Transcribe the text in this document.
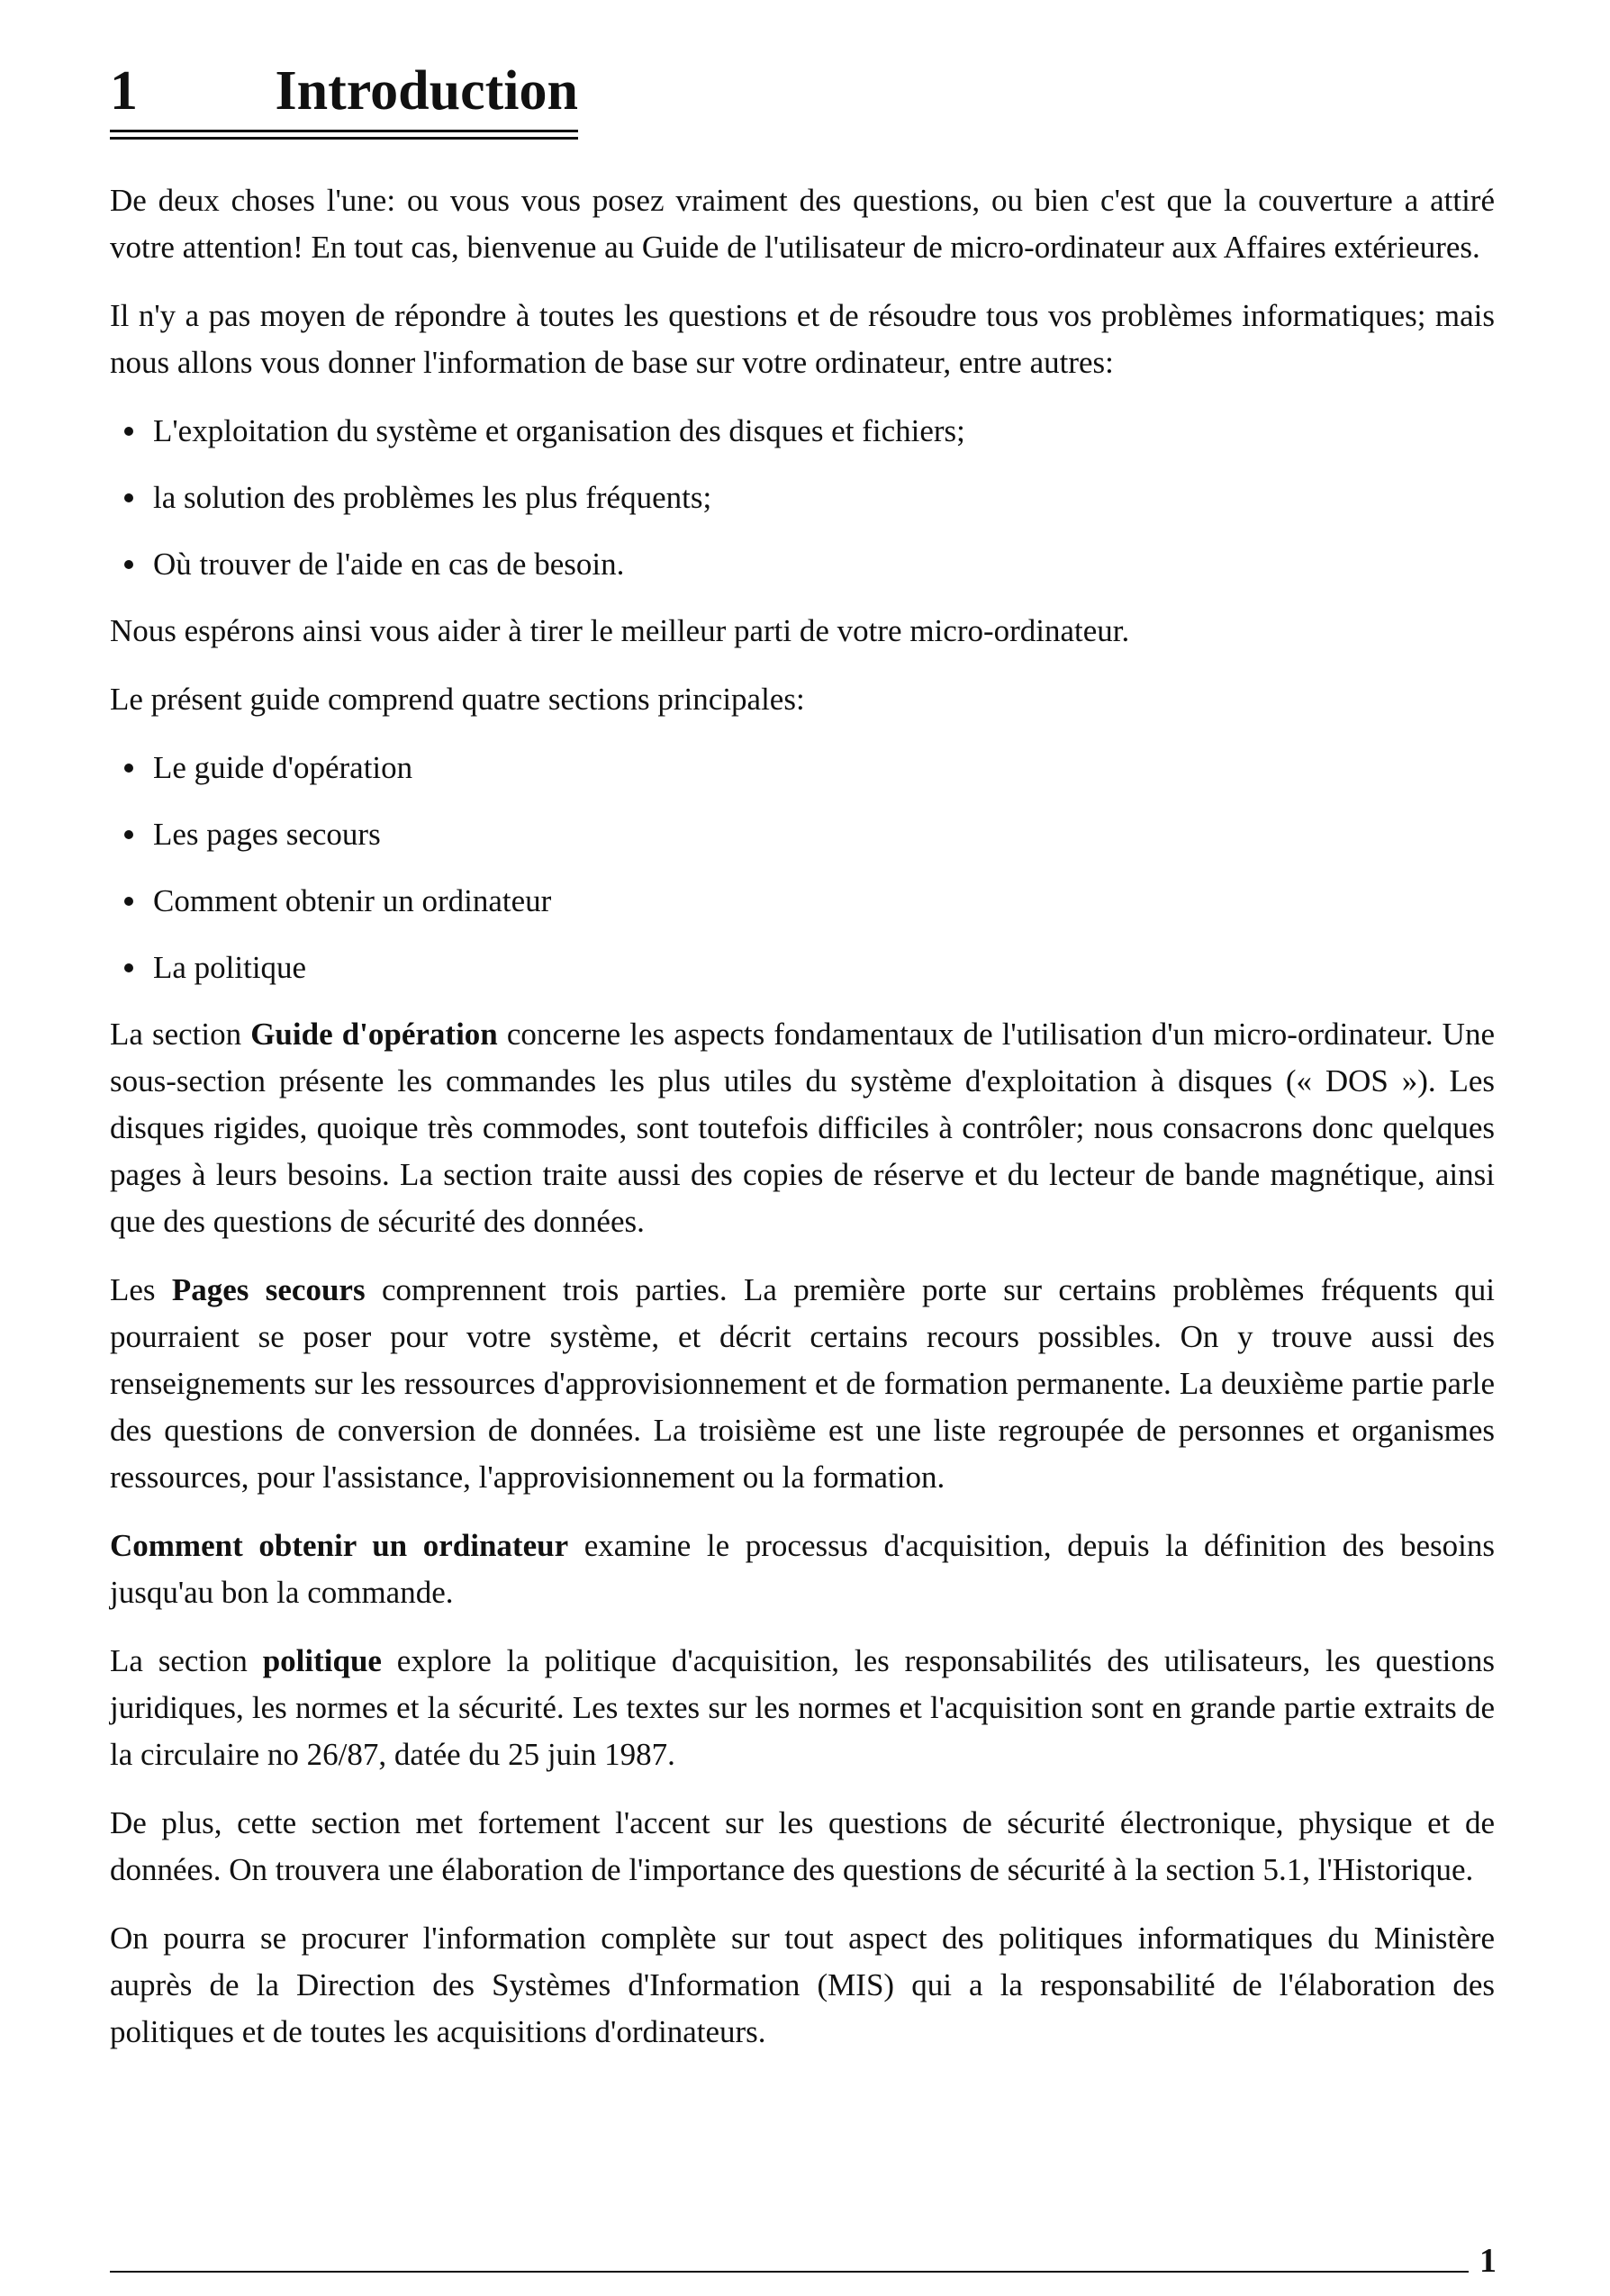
1	Introduction

De deux choses l'une: ou vous vous posez vraiment des questions, ou bien c'est que la couverture a attiré votre attention! En tout cas, bienvenue au Guide de l'utilisateur de micro-ordinateur aux Affaires extérieures.

Il n'y a pas moyen de répondre à toutes les questions et de résoudre tous vos problèmes informatiques; mais nous allons vous donner l'information de base sur votre ordinateur, entre autres:

L'exploitation du système et organisation des disques et fichiers;
la solution des problèmes les plus fréquents;
Où trouver de l'aide en cas de besoin.

Nous espérons ainsi vous aider à tirer le meilleur parti de votre micro-ordinateur.

Le présent guide comprend quatre sections principales:

Le guide d'opération
Les pages secours
Comment obtenir un ordinateur
La politique

La section Guide d'opération concerne les aspects fondamentaux de l'utilisation d'un micro-ordinateur. Une sous-section présente les commandes les plus utiles du système d'exploitation à disques (« DOS »). Les disques rigides, quoique très commodes, sont toutefois difficiles à contrôler; nous consacrons donc quelques pages à leurs besoins. La section traite aussi des copies de réserve et du lecteur de bande magnétique, ainsi que des questions de sécurité des données.

Les Pages secours comprennent trois parties. La première porte sur certains problèmes fréquents qui pourraient se poser pour votre système, et décrit certains recours possibles. On y trouve aussi des renseignements sur les ressources d'approvisionnement et de formation permanente. La deuxième partie parle des questions de conversion de données. La troisième est une liste regroupée de personnes et organismes ressources, pour l'assistance, l'approvisionnement ou la formation.

Comment obtenir un ordinateur examine le processus d'acquisition, depuis la définition des besoins jusqu'au bon la commande.

La section politique explore la politique d'acquisition, les responsabilités des utilisateurs, les questions juridiques, les normes et la sécurité. Les textes sur les normes et l'acquisition sont en grande partie extraits de la circulaire no 26/87, datée du 25 juin 1987.

De plus, cette section met fortement l'accent sur les questions de sécurité électronique, physique et de données. On trouvera une élaboration de l'importance des questions de sécurité à la section 5.1, l'Historique.

On pourra se procurer l'information complète sur tout aspect des politiques informatiques du Ministère auprès de la Direction des Systèmes d'Information (MIS) qui a la responsabilité de l'élaboration des politiques et de toutes les acquisitions d'ordinateurs.

1
